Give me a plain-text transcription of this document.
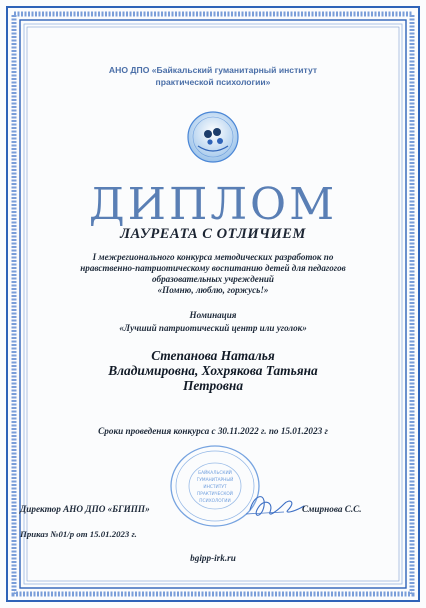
АНО ДПО «Байкальский гуманитарный институт
практической психологии»
ДИПЛОМ
ЛАУРЕАТА С ОТЛИЧИЕМ
I межрегионального конкурса методических разработок по
нравственно-патриотическому воспитанию детей для педагогов
образовательных учреждений
«Помню, люблю, горжусь!»
Номинация
«Лучший патриотический центр или уголок»
Степанова Наталья
Владимировна, Хохрякова Татьяна
Петровна
Сроки проведения конкурса с 30.11.2022 г. по 15.01.2023 г
БАЙКАЛЬСКИЙ
ГУМАНИТАРНЫЙ
ИНСТИТУТ
ПРАКТИЧЕСКОЙ
ПСИХОЛОГИИ
Директор АНО ДПО «БГИПП»	Смирнова С.С.
Приказ №01/р от 15.01.2023 г.
bgipp-irk.ru
